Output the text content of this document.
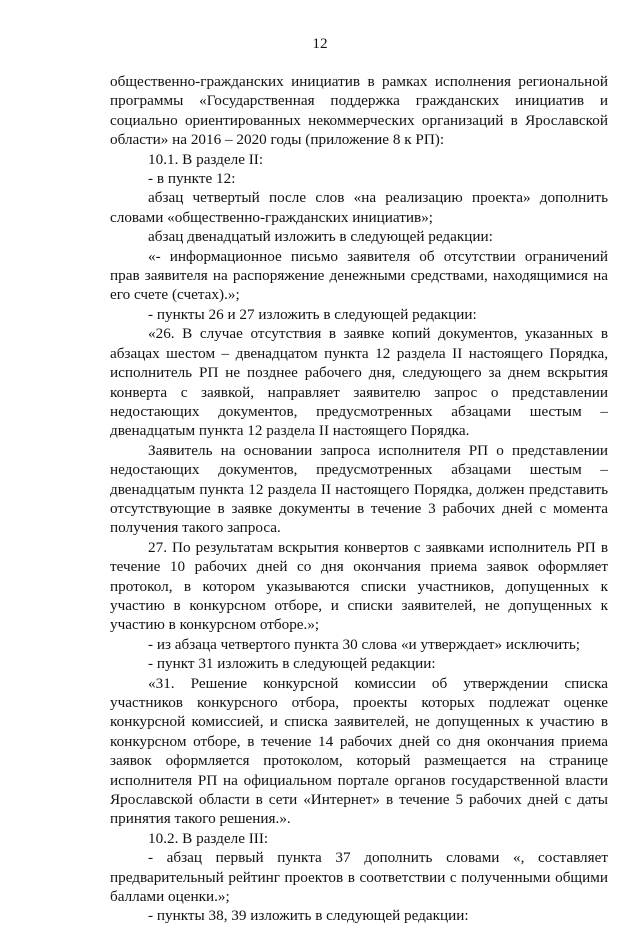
12

общественно-гражданских инициатив в рамках исполнения региональной программы «Государственная поддержка гражданских инициатив и социально ориентированных некоммерческих организаций в Ярославской области» на 2016 – 2020 годы (приложение 8 к РП):

10.1. В разделе II:

- в пункте 12:

абзац четвертый после слов «на реализацию проекта» дополнить словами «общественно-гражданских инициатив»;

абзац двенадцатый изложить в следующей редакции:

«- информационное письмо заявителя об отсутствии ограничений прав заявителя на распоряжение денежными средствами, находящимися на его счете (счетах).»;

- пункты 26 и 27 изложить в следующей редакции:

«26. В случае отсутствия в заявке копий документов, указанных в абзацах шестом – двенадцатом пункта 12 раздела II настоящего Порядка, исполнитель РП не позднее рабочего дня, следующего за днем вскрытия конверта с заявкой, направляет заявителю запрос о представлении недостающих документов, предусмотренных абзацами шестым – двенадцатым пункта 12 раздела II настоящего Порядка.

Заявитель на основании запроса исполнителя РП о представлении недостающих документов, предусмотренных абзацами шестым – двенадцатым пункта 12 раздела II настоящего Порядка, должен представить отсутствующие в заявке документы в течение 3 рабочих дней с момента получения такого запроса.

27. По результатам вскрытия конвертов с заявками исполнитель РП в течение 10 рабочих дней со дня окончания приема заявок оформляет протокол, в котором указываются списки участников, допущенных к участию в конкурсном отборе, и списки заявителей, не допущенных к участию в конкурсном отборе.»;

- из абзаца четвертого пункта 30 слова «и утверждает» исключить;

- пункт 31 изложить в следующей редакции:

«31. Решение конкурсной комиссии об утверждении списка участников конкурсного отбора, проекты которых подлежат оценке конкурсной комиссией, и списка заявителей, не допущенных к участию в конкурсном отборе, в течение 14 рабочих дней со дня окончания приема заявок оформляется протоколом, который размещается на странице исполнителя РП на официальном портале органов государственной власти Ярославской области в сети «Интернет» в течение 5 рабочих дней с даты принятия такого решения.».

10.2. В разделе III:

- абзац первый пункта 37 дополнить словами «, составляет предварительный рейтинг проектов в соответствии с полученными общими баллами оценки.»;

- пункты 38, 39 изложить в следующей редакции:
